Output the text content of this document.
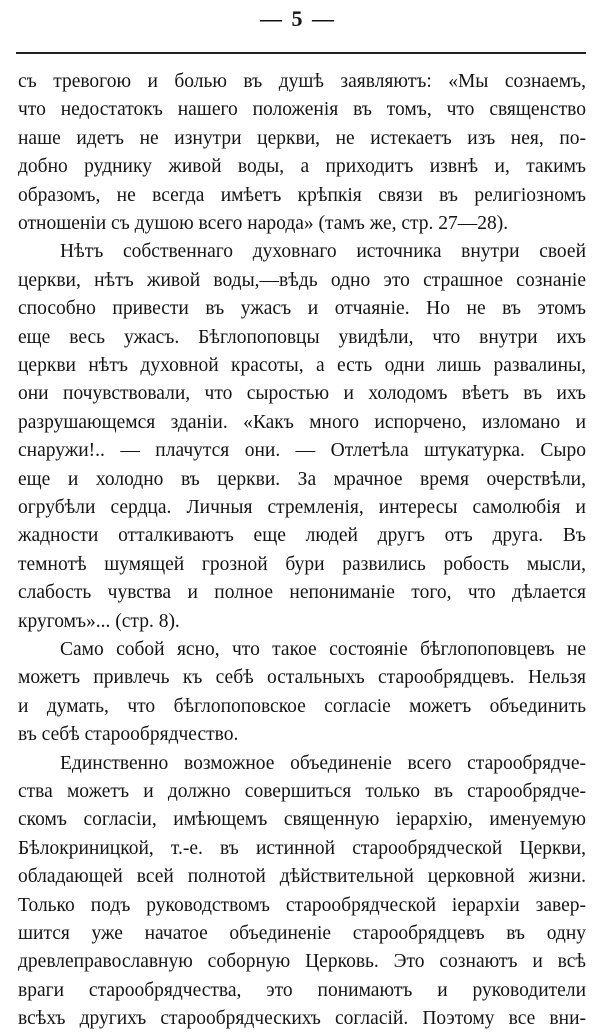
— 5 —
съ тревогою и болью въ душѣ заявляютъ: «Мы сознаемъ,
что недостатокъ нашего положенія въ томъ, что священство
наше идетъ не изнутри церкви, не истекаетъ изъ нея, по-
добно руднику живой воды, а приходитъ извнѣ и, такимъ
образомъ, не всегда имѣетъ крѣпкія связи въ религіозномъ
отношеніи съ душою всего народа» (тамъ же, стр. 27—28).
Нѣтъ собственнаго духовнаго источника внутри своей
церкви, нѣтъ живой воды,—вѣдь одно это страшное сознаніе
способно привести въ ужасъ и отчаяніе. Но не въ этомъ
еще весь ужасъ. Бѣглопоповцы увидѣли, что внутри ихъ
церкви нѣтъ духовной красоты, а есть одни лишь развалины,
они почувствовали, что сыростью и холодомъ вѣетъ въ ихъ
разрушающемся зданіи. «Какъ много испорчено, изломано и
снаружи!.. — плачутся они. — Отлетѣла штукатурка. Сыро
еще и холодно въ церкви. За мрачное время очерствѣли,
огрубѣли сердца. Личныя стремленія, интересы самолюбія и
жадности отталкиваютъ еще людей другъ отъ друга. Въ
темнотѣ шумящей грозной бури развились робость мысли,
слабость чувства и полное непониманіе того, что дѣлается
кругомъ»... (стр. 8).
Само собой ясно, что такое состояніе бѣглопоповцевъ не
можетъ привлечь къ себѣ остальныхъ старообрядцевъ. Нельзя
и думать, что бѣглопоповское согласіе можетъ объединить
въ себѣ старообрядчество.
Единственно возможное объединеніе всего старообрядче-
ства можетъ и должно совершиться только въ старообрядче-
скомъ согласіи, имѣющемъ священную іерархію, именуемую
Бѣлокриницкой, т.-е. въ истинной старообрядческой Церкви,
обладающей всей полнотой дѣйствительной церковной жизни.
Только подъ руководствомъ старообрядческой іерархіи завер-
шится уже начатое объединеніе старообрядцевъ въ одну
древлеправославную соборную Церковь. Это сознаютъ и всѣ
враги старообрядчества, это понимаютъ и руководители
всѣхъ другихъ старообрядческихъ согласій. Поэтому все вни-
